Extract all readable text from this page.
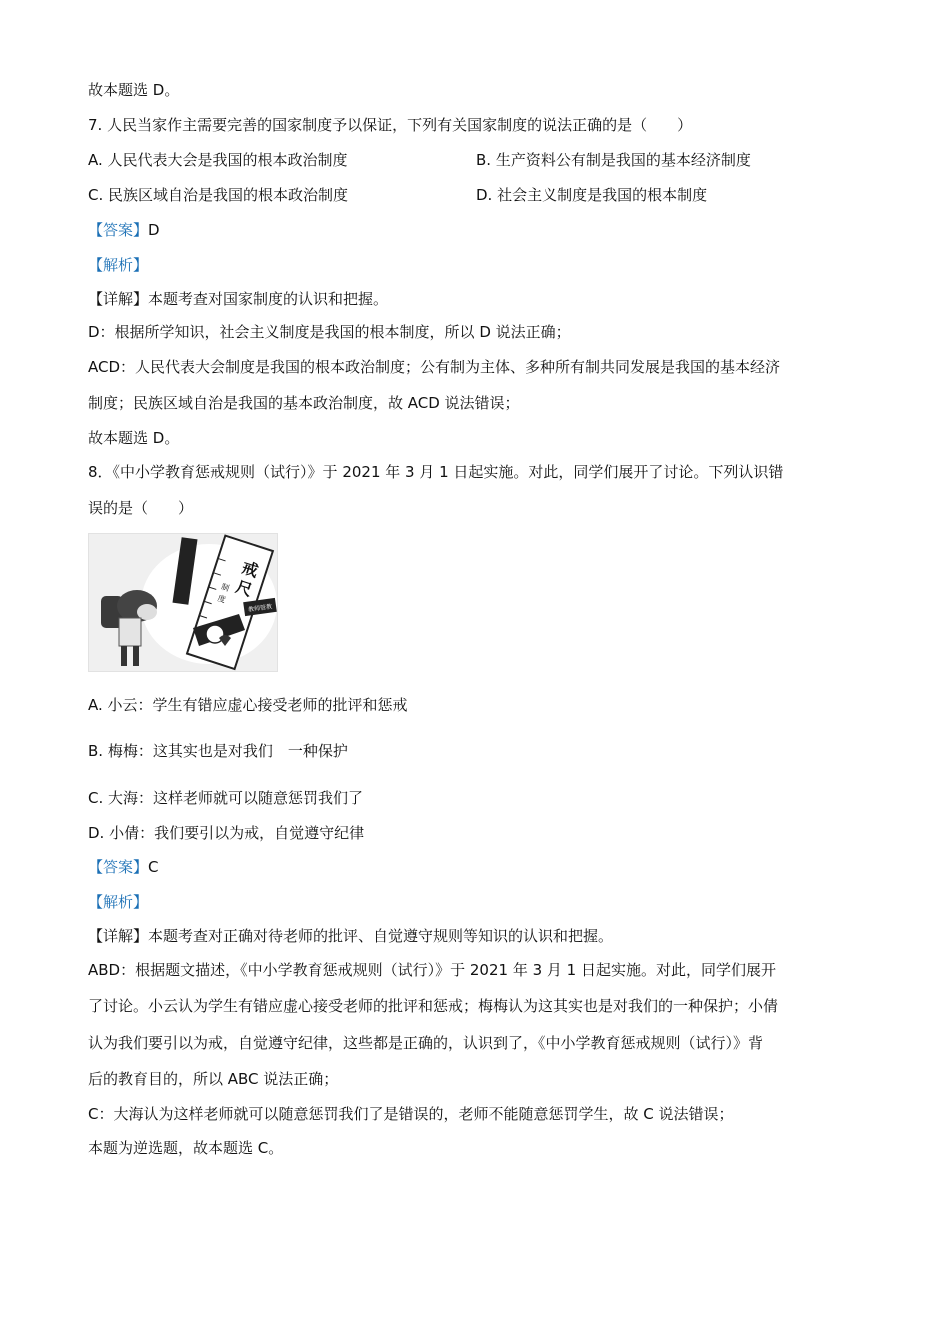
故本题选 D。
7. 人民当家作主需要完善的国家制度予以保证，下列有关国家制度的说法正确的是（　　）
A. 人民代表大会是我国的根本政治制度	B. 生产资料公有制是我国的基本经济制度
C. 民族区域自治是我国的根本政治制度	D. 社会主义制度是我国的根本制度
【答案】D
【解析】
【详解】本题考查对国家制度的认识和把握。
D：根据所学知识，社会主义制度是我国的根本制度，所以 D 说法正确；
ACD：人民代表大会制度是我国的根本政治制度；公有制为主体、多种所有制共同发展是我国的基本经济
制度；民族区域自治是我国的基本政治制度，故 ACD 说法错误；
故本题选 D。
8．《中小学教育惩戒规则（试行）》于 2021 年 3 月 1 日起实施。对此，同学们展开了讨论。下列认识错
误的是（　　）
戒
尺
制
度
教师管教
A. 小云：学生有错应虚心接受老师的批评和惩戒
B. 梅梅：这其实也是对我们　一种保护
C. 大海：这样老师就可以随意惩罚我们了
D. 小倩：我们要引以为戒，自觉遵守纪律
【答案】C
【解析】
【详解】本题考查对正确对待老师的批评、自觉遵守规则等知识的认识和把握。
ABD：根据题文描述，《中小学教育惩戒规则（试行）》于 2021 年 3 月 1 日起实施。对此，同学们展开
了讨论。小云认为学生有错应虚心接受老师的批评和惩戒；梅梅认为这其实也是对我们的一种保护；小倩
认为我们要引以为戒，自觉遵守纪律，这些都是正确的，认识到了，《中小学教育惩戒规则（试行）》背
后的教育目的，所以 ABC 说法正确；
C：大海认为这样老师就可以随意惩罚我们了是错误的，老师不能随意惩罚学生，故 C 说法错误；
本题为逆选题，故本题选 C。
